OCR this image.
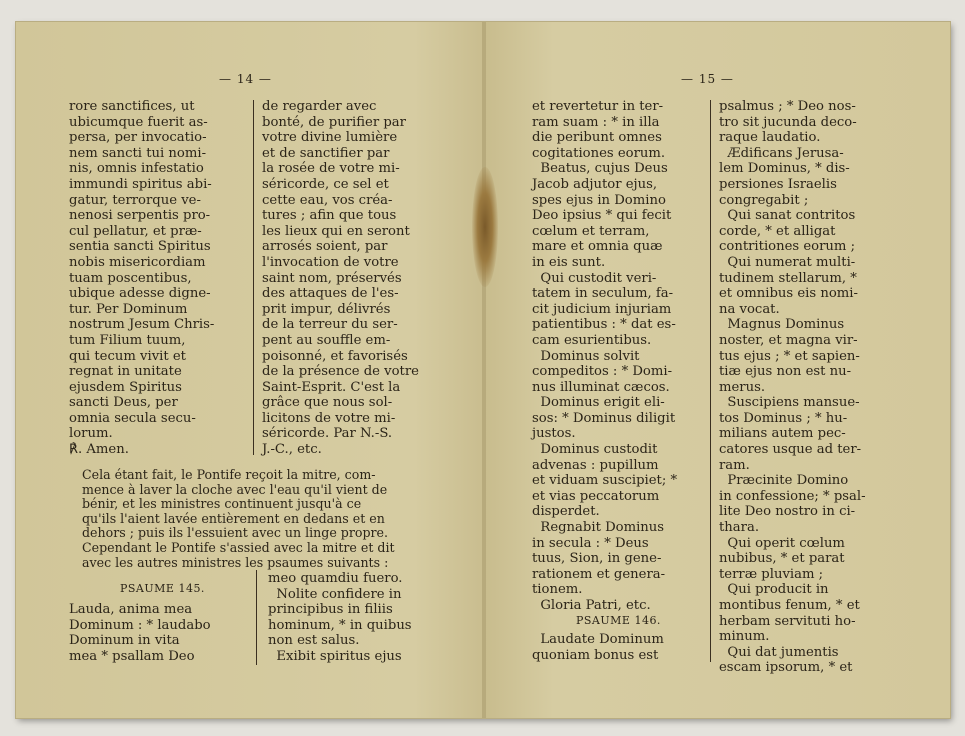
— 14 —
rore sanctifices, ut
ubicumque fuerit as-
persa, per invocatio-
nem sancti tui nomi-
nis, omnis infestatio
immundi spiritus abi-
gatur, terrorque ve-
nenosi serpentis pro-
cul pellatur, et præ-
sentia sancti Spiritus
nobis misericordiam
tuam poscentibus,
ubique adesse digne-
tur. Per Dominum
nostrum Jesum Chris-
tum Filium tuum,
qui tecum vivit et
regnat in unitate
ejusdem Spiritus
sancti Deus, per
omnia secula secu-
lorum.
℟. Amen.
de regarder avec
bonté, de purifier par
votre divine lumière
et de sanctifier par
la rosée de votre mi-
séricorde, ce sel et
cette eau, vos créa-
tures ; afin que tous
les lieux qui en seront
arrosés soient, par
l'invocation de votre
saint nom, préservés
des attaques de l'es-
prit impur, délivrés
de la terreur du ser-
pent au souffle em-
poisonné, et favorisés
de la présence de votre
Saint-Esprit. C'est la
grâce que nous sol-
licitons de votre mi-
séricorde. Par N.-S.
J.-C., etc.
Cela étant fait, le Pontife reçoit la mitre, com-
mence à laver la cloche avec l'eau qu'il vient de
bénir, et les ministres continuent jusqu'à ce
qu'ils l'aient lavée entièrement en dedans et en
dehors ; puis ils l'essuient avec un linge propre.
Cependant le Pontife s'assied avec la mitre et dit
avec les autres ministres les psaumes suivants :
PSAUME 145.
Lauda, anima mea
Dominum : * laudabo
Dominum in vita
mea * psallam Deo
meo quamdiu fuero.
Nolite confidere in
principibus in filiis
hominum, * in quibus
non est salus.
Exibit spiritus ejus
— 15 —
et revertetur in ter-
ram suam : * in illa
die peribunt omnes
cogitationes eorum.
Beatus, cujus Deus
Jacob adjutor ejus,
spes ejus in Domino
Deo ipsius * qui fecit
cœlum et terram,
mare et omnia quæ
in eis sunt.
Qui custodit veri-
tatem in seculum, fa-
cit judicium injuriam
patientibus : * dat es-
cam esurientibus.
Dominus solvit
compeditos : * Domi-
nus illuminat cæcos.
Dominus erigit eli-
sos: * Dominus diligit
justos.
Dominus custodit
advenas : pupillum
et viduam suscipiet; *
et vias peccatorum
disperdet.
Regnabit Dominus
in secula : * Deus
tuus, Sion, in gene-
rationem et genera-
tionem.
Gloria Patri, etc.
PSAUME 146.
Laudate Dominum
quoniam bonus est
psalmus ; * Deo nos-
tro sit jucunda deco-
raque laudatio.
Ædificans Jerusa-
lem Dominus, * dis-
persiones Israelis
congregabit ;
Qui sanat contritos
corde, * et alligat
contritiones eorum ;
Qui numerat multi-
tudinem stellarum, *
et omnibus eis nomi-
na vocat.
Magnus Dominus
noster, et magna vir-
tus ejus ; * et sapien-
tiæ ejus non est nu-
merus.
Suscipiens mansue-
tos Dominus ; * hu-
milians autem pec-
catores usque ad ter-
ram.
Præcinite Domino
in confessione; * psal-
lite Deo nostro in ci-
thara.
Qui operit cœlum
nubibus, * et parat
terræ pluviam ;
Qui producit in
montibus fenum, * et
herbam servituti ho-
minum.
Qui dat jumentis
escam ipsorum, * et
